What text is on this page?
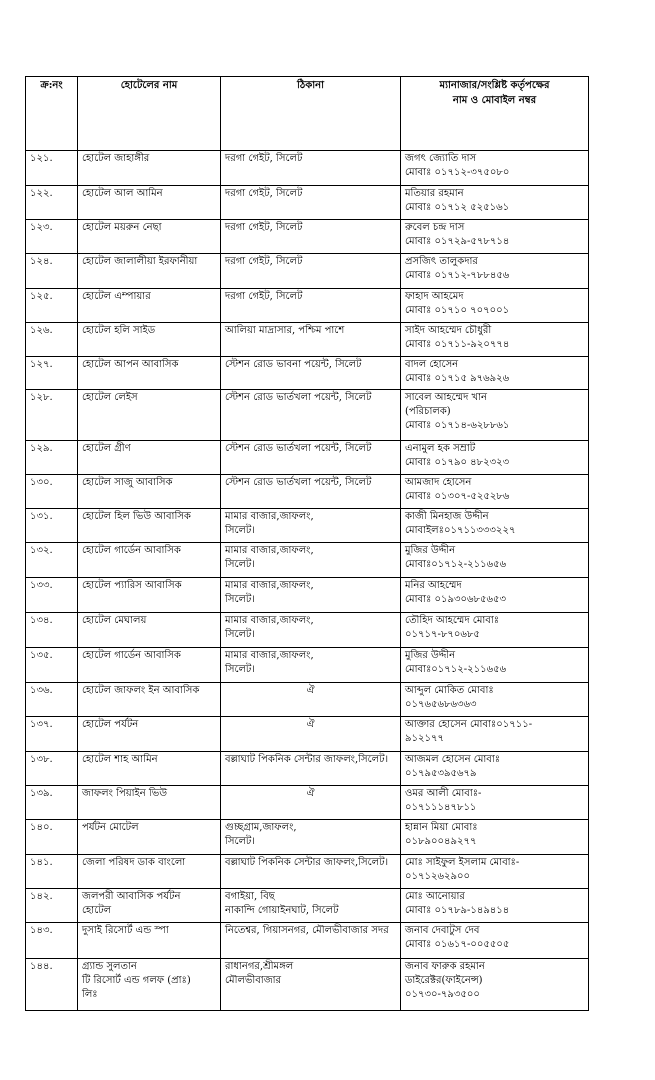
ক্র:নং	হোটেলের নাম	ঠিকানা	ম্যানাজার/সংশ্লিষ্ট কর্তৃপক্ষের
নাম ও মোবাইল নম্বর

১২১.	হোটেল জাহাঙ্গীর	দরগা গেইট, সিলেট	জগৎ জ্যোতি দাস
মোবাঃ ০১৭১২-৩৭৫০৮০

১২২.	হোটেল আল আমিন	দরগা গেইট, সিলেট	মতিয়ার রহমান
মোবাঃ ০১৭১২ ৫২৫১৬১

১২৩.	হোটেল ময়রুন নেছা	দরগা গেইট, সিলেট	রুবেল চন্দ্র দাস
মোবাঃ ০১৭২৯-৫৭৮৭১৪

১২৪.	হোটেল জালালীয়া ইরফানীয়া	দরগা গেইট, সিলেট	প্রসজিৎ তালুকদার
মোবাঃ ০১৭১২-৭৮৮৪৫৬

১২৫.	হোটেল এম্পায়ার	দরগা গেইট, সিলেট	ফাহাদ আহমেদ
মোবাঃ ০১৭১০ ৭০৭০০১

১২৬.	হোটেল হলি সাইড	আলিয়া মাদ্রাসার, পশ্চিম পাশে	সাইদ আহম্মেদ চৌধুরী
মোবাঃ ০১৭১১-৯২০৭৭৪

১২৭.	হোটেল আপন আবাসিক	স্টেশন রোড ভাবনা পয়েন্ট, সিলেট	বাদল হোসেন
মোবাঃ ০১৭১৫ ৯৭৬৯২৬

১২৮.	হোটেল লেইস	স্টেশন রোড ভার্তখলা পয়েন্ট, সিলেট	সাবেল আহম্মেদ খান
(পরিচালক)
মোবাঃ ০১৭১৪-৬২৮৮৬১

১২৯.	হোটেল গ্রীণ	স্টেশন রোড ভার্তখলা পয়েন্ট, সিলেট	এনামুল হক সম্রাট
মোবাঃ ০১৭৯০ ৪৮২৩২৩

১৩০.	হোটেল সাজু আবাসিক	স্টেশন রোড ভার্তখলা পয়েন্ট, সিলেট	আমজাদ হোসেন
মোবাঃ ০১৩০৭-৫২৫২৮৬

১৩১.	হোটেল হিল ভিউ আবাসিক	মামার বাজার,জাফলং,
সিলেট।	কাজী মিনহাজ উদ্দীন
মোবাইলঃ০১৭১১৩৩৩২২৭

১৩২.	হোটেল গার্ডেন আবাসিক	মামার বাজার,জাফলং,
সিলেট।	মুজির উদ্দীন
মোবাঃ০১৭১২-২১১৬৫৬

১৩৩.	হোটেল প্যারিস আবাসিক	মামার বাজার,জাফলং,
সিলেট।	মনির আহম্মেদ
মোবাঃ ০১৯৩০৬৮৫৬৫৩

১৩৪.	হোটেল মেঘালয়	মামার বাজার,জাফলং,
সিলেট।	তৌহিদ আহম্মেদ মোবাঃ
০১৭১৭-৮৭০৬৮৫

১৩৫.	হোটেল গার্ডেন আবাসিক	মামার বাজার,জাফলং,
সিলেট।	মুজির উদ্দীন
মোবাঃ০১৭১২-২১১৬৫৬

১৩৬.	হোটেল জাফলং ইন আবাসিক	ঐ	আব্দুল মোকিত মোবাঃ
০১৭৬৫৬৮৬৩৬৩

১৩৭.	হোটেল পর্যটন	ঐ	আক্তার হোসেন মোবাঃ০১৭১১-
৯১২১৭৭

১৩৮.	হোটেল শাহ আমিন	বল্লাঘাট পিকনিক সেন্টার জাফলং,সিলেট।	আজমল হোসেন মোবাঃ
০১৭৯৫৩৯৫৬৭৯

১৩৯.	জাফলং পিয়াইন ভিউ	ঐ	ওমর আলী মোবাঃ-
০১৭১১১৪৭৮১১

১৪০.	পর্যটন মোটেল	গুচ্ছগ্রাম,জাফলং,
সিলেট।	হান্নান মিয়া মোবাঃ
০১৮৯০০৪৯২৭৭

১৪১.	জেলা পরিষদ ডাক বাংলো	বল্লাঘাট পিকনিক সেন্টার জাফলং,সিলেট।	মোঃ সাইফুল ইসলাম মোবাঃ-
০১৭১২৬২৯০০

১৪২.	জলপরী আবাসিক পর্যটন
হোটেল	বগাইয়া, বিছ
নাকান্দি গোয়াইনঘাট, সিলেট	মোঃ আনোয়ার
মোবাঃ ০১৭৮৯-১৪৯৪১৪

১৪৩.	দুসাই রিসোর্ট এন্ড স্পা	নিতেশ্বর, গিয়াসনগর, মৌলভীবাজার সদর	জনাব দেবাটুস দেব
মোবাঃ ০১৬১৭-০০৫৫০৫

১৪৪.	গ্র্যান্ড সুলতান
টি রিসোর্ট এন্ড গলফ (প্রাঃ)
লিঃ	রাধানগর,শ্রীমঙ্গল
মৌলভীবাজার	জনাব ফারুক রহমান
ডাইরেক্টর(ফাইনেন্স)
০১৭৩০-৭৯৩৫০০
